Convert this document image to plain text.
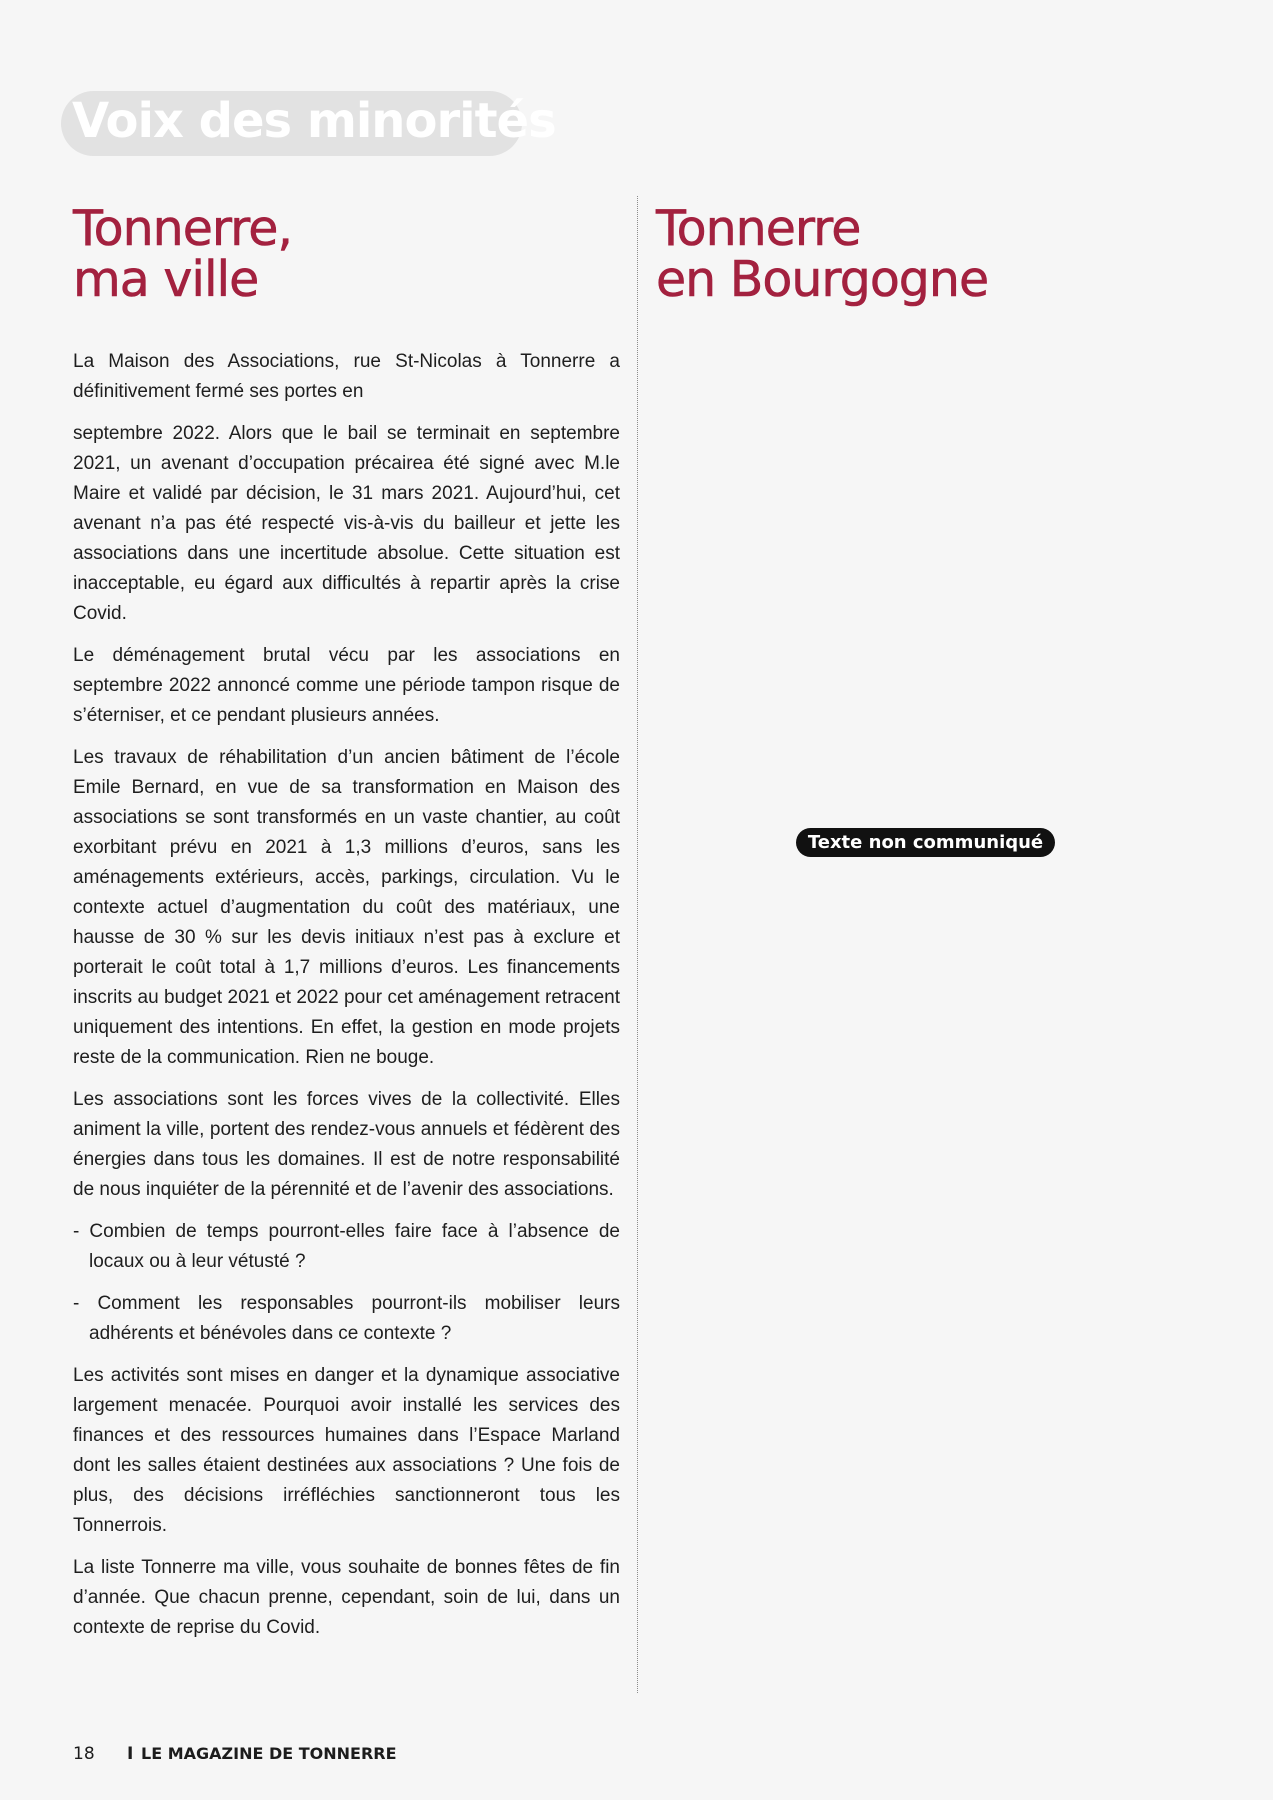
Voix des minorités
Tonnerre,
ma ville
Tonnerre
en Bourgogne

La Maison des Associations, rue St-Nicolas à Tonnerre a définitivement fermé ses portes en

septembre 2022. Alors que le bail se terminait en septembre 2021, un avenant d’occupation précairea été signé avec M.le Maire et validé par décision, le 31 mars 2021. Aujourd’hui, cet avenant n’a pas été respecté vis-à-vis du bailleur et jette les associations dans une incertitude absolue. Cette situation est inacceptable, eu égard aux difficultés à repartir après la crise Covid.

Le déménagement brutal vécu par les associations en septembre 2022 annoncé comme une période tampon risque de s’éterniser, et ce pendant plusieurs années.

Les travaux de réhabilitation d’un ancien bâtiment de l’école Emile Bernard, en vue de sa transformation en Maison des associations se sont transformés en un vaste chantier, au coût exorbitant prévu en 2021 à 1,3 millions d’euros, sans les aménagements extérieurs, accès, parkings, circulation. Vu le contexte actuel d’augmentation du coût des matériaux, une hausse de 30 % sur les devis initiaux n’est pas à exclure et porterait le coût total à 1,7 millions d’euros. Les financements inscrits au budget 2021 et 2022 pour cet aménagement retracent uniquement des intentions. En effet, la gestion en mode projets reste de la communication. Rien ne bouge.

Les associations sont les forces vives de la collectivité. Elles animent la ville, portent des rendez-vous annuels et fédèrent des énergies dans tous les domaines. Il est de notre responsabilité de nous inquiéter de la pérennité et de l’avenir des associations.

- Combien de temps pourront-elles faire face à l’absence de locaux ou à leur vétusté ?

- Comment les responsables pourront-ils mobiliser leurs adhérents et bénévoles dans ce contexte ?

Les activités sont mises en danger et la dynamique associative largement menacée. Pourquoi avoir installé les services des finances et des ressources humaines dans l’Espace Marland dont les salles étaient destinées aux associations ? Une fois de plus, des décisions irréfléchies sanctionneront tous les Tonnerrois.

La liste Tonnerre ma ville, vous souhaite de bonnes fêtes de fin d’année. Que chacun prenne, cependant, soin de lui, dans un contexte de reprise du Covid.

Texte non communiqué
18 I LE MAGAZINE DE TONNERRE
